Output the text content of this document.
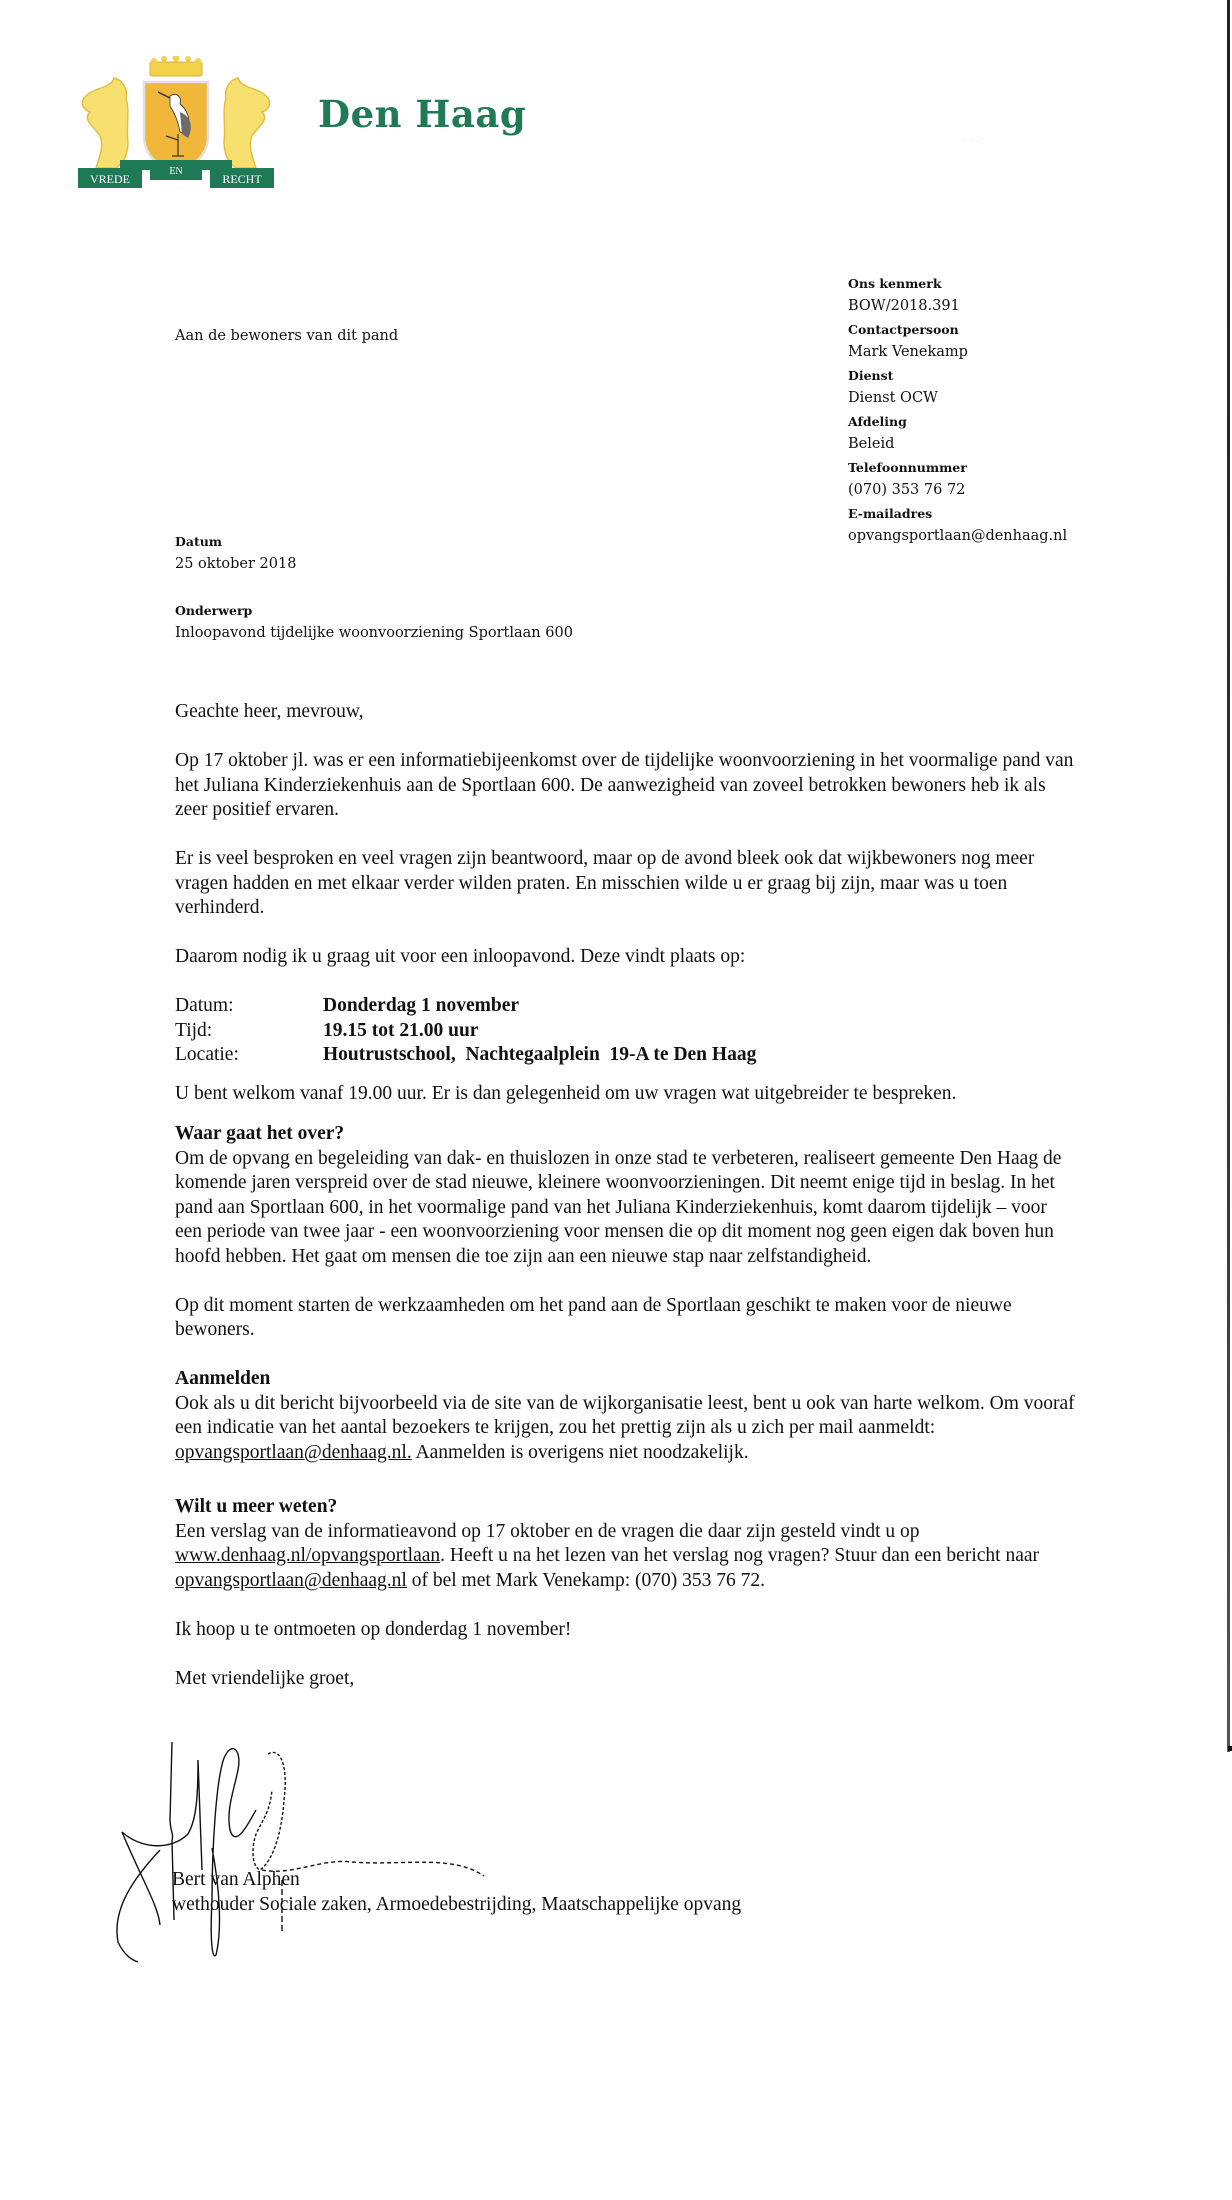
· · ·ʹ
VREDE
EN
RECHT
Den Haag
Ons kenmerk
BOW/2018.391
Contactpersoon
Mark Venekamp
Dienst
Dienst OCW
Afdeling
Beleid
Telefoonnummer
(070) 353 76 72
E-mailadres
opvangsportlaan@denhaag.nl
Aan de bewoners van dit pand
Datum
25 oktober 2018
Onderwerp
Inloopavond tijdelijke woonvoorziening Sportlaan 600

Geachte heer, mevrouw,

Op 17 oktober jl. was er een informatiebijeenkomst over de tijdelijke woonvoorziening in het voormalige pand van het Juliana Kinderziekenhuis aan de Sportlaan 600. De aanwezigheid van zoveel betrokken bewoners heb ik als zeer positief ervaren.

Er is veel besproken en veel vragen zijn beantwoord, maar op de avond bleek ook dat wijkbewoners nog meer vragen hadden en met elkaar verder wilden praten. En misschien wilde u er graag bij zijn, maar was u toen verhinderd.

Daarom nodig ik u graag uit voor een inloopavond. Deze vindt plaats op:

Datum:	Donderdag 1 november
Tijd:	19.15 tot 21.00 uur
Locatie:	Houtrustschool,  Nachtegaalplein  19-A te Den Haag

U bent welkom vanaf 19.00 uur. Er is dan gelegenheid om uw vragen wat uitgebreider te bespreken.

Waar gaat het over?

Om de opvang en begeleiding van dak- en thuislozen in onze stad te verbeteren, realiseert gemeente Den Haag de komende jaren verspreid over de stad nieuwe, kleinere woonvoorzieningen. Dit neemt enige tijd in beslag. In het pand aan Sportlaan 600, in het voormalige pand van het Juliana Kinderziekenhuis, komt daarom tijdelijk – voor een periode van twee jaar - een woonvoorziening voor mensen die op dit moment nog geen eigen dak boven hun hoofd hebben. Het gaat om mensen die toe zijn aan een nieuwe stap naar zelfstandigheid.

Op dit moment starten de werkzaamheden om het pand aan de Sportlaan geschikt te maken voor de nieuwe bewoners.

Aanmelden

Ook als u dit bericht bijvoorbeeld via de site van de wijkorganisatie leest, bent u ook van harte welkom. Om vooraf een indicatie van het aantal bezoekers te krijgen, zou het prettig zijn als u zich per mail aanmeldt: opvangsportlaan@denhaag.nl. Aanmelden is overigens niet noodzakelijk.

Wilt u meer weten?

Een verslag van de informatieavond op 17 oktober en de vragen die daar zijn gesteld vindt u op www.denhaag.nl/opvangsportlaan. Heeft u na het lezen van het verslag nog vragen? Stuur dan een bericht naar opvangsportlaan@denhaag.nl of bel met Mark Venekamp: (070) 353 76 72.

Ik hoop u te ontmoeten op donderdag 1 november!

Met vriendelijke groet,

Bert van Alphen
wethouder Sociale zaken, Armoedebestrijding, Maatschappelijke opvang
